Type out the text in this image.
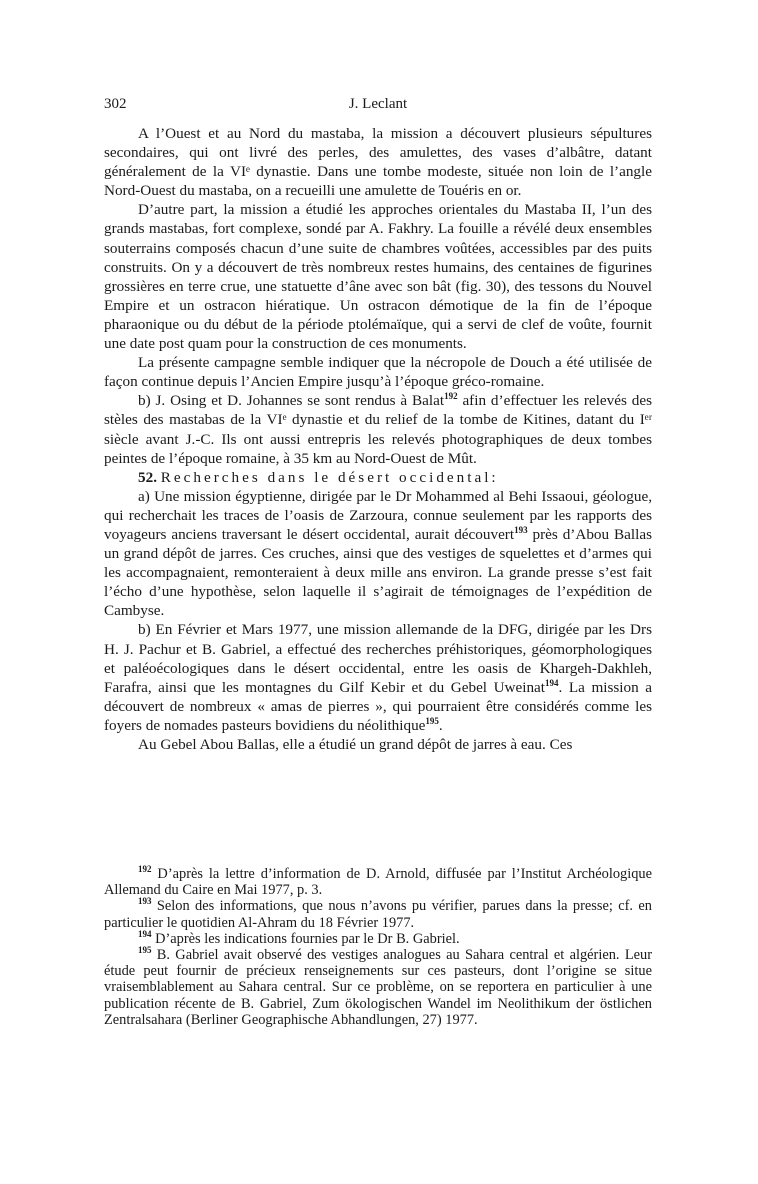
302	J. Leclant

A l’Ouest et au Nord du mastaba, la mission a découvert plusieurs sépultures secondaires, qui ont livré des perles, des amulettes, des vases d’albâtre, datant généralement de la VIᵉ dynastie. Dans une tombe modeste, située non loin de l’angle Nord-Ouest du mastaba, on a recueilli une amulette de Touéris en or.

D’autre part, la mission a étudié les approches orientales du Mastaba II, l’un des grands mastabas, fort complexe, sondé par A. Fakhry. La fouille a révélé deux ensembles souterrains composés chacun d’une suite de chambres voûtées, accessibles par des puits construits. On y a découvert de très nombreux restes humains, des centaines de figurines grossières en terre crue, une statuette d’âne avec son bât (fig. 30), des tessons du Nouvel Empire et un ostracon hiératique. Un ostracon démotique de la fin de l’époque pharaonique ou du début de la période ptolémaïque, qui a servi de clef de voûte, fournit une date post quam pour la construction de ces monuments.

La présente campagne semble indiquer que la nécropole de Douch a été utilisée de façon continue depuis l’Ancien Empire jusqu’à l’époque gréco-romaine.

b) J. Osing et D. Johannes se sont rendus à Balat$^{192}$ afin d’effectuer les relevés des stèles des mastabas de la VIᵉ dynastie et du relief de la tombe de Kitines, datant du Iᵉʳ siècle avant J.-C. Ils ont aussi entrepris les relevés photographiques de deux tombes peintes de l’époque romaine, à 35 km au Nord-Ouest de Mût.

52. Recherches dans le désert occidental:

a) Une mission égyptienne, dirigée par le Dr Mohammed al Behi Issaoui, géologue, qui recherchait les traces de l’oasis de Zarzoura, connue seulement par les rapports des voyageurs anciens traversant le désert occidental, aurait découvert$^{193}$ près d’Abou Ballas un grand dépôt de jarres. Ces cruches, ainsi que des vestiges de squelettes et d’armes qui les accompagnaient, remonteraient à deux mille ans environ. La grande presse s’est fait l’écho d’une hypothèse, selon laquelle il s’agirait de témoignages de l’expédition de Cambyse.

b) En Février et Mars 1977, une mission allemande de la DFG, dirigée par les Drs H. J. Pachur et B. Gabriel, a effectué des recherches préhistoriques, géomorphologiques et paléoécologiques dans le désert occidental, entre les oasis de Khargeh-Dakhleh, Farafra, ainsi que les montagnes du Gilf Kebir et du Gebel Uweinat$^{194}$. La mission a découvert de nombreux « amas de pierres », qui pourraient être considérés comme les foyers de nomades pasteurs bovidiens du néolithique$^{195}$.

Au Gebel Abou Ballas, elle a étudié un grand dépôt de jarres à eau. Ces

$^{192}$ D’après la lettre d’information de D. Arnold, diffusée par l’Institut Archéologique Allemand du Caire en Mai 1977, p. 3.

$^{193}$ Selon des informations, que nous n’avons pu vérifier, parues dans la presse; cf. en particulier le quotidien Al-Ahram du 18 Février 1977.

$^{194}$ D’après les indications fournies par le Dr B. Gabriel.

$^{195}$ B. Gabriel avait observé des vestiges analogues au Sahara central et algérien. Leur étude peut fournir de précieux renseignements sur ces pasteurs, dont l’origine se situe vraisemblablement au Sahara central. Sur ce problème, on se reportera en particulier à une publication récente de B. Gabriel, Zum ökologischen Wandel im Neolithikum der östlichen Zentralsahara (Berliner Geographische Abhandlungen, 27) 1977.
